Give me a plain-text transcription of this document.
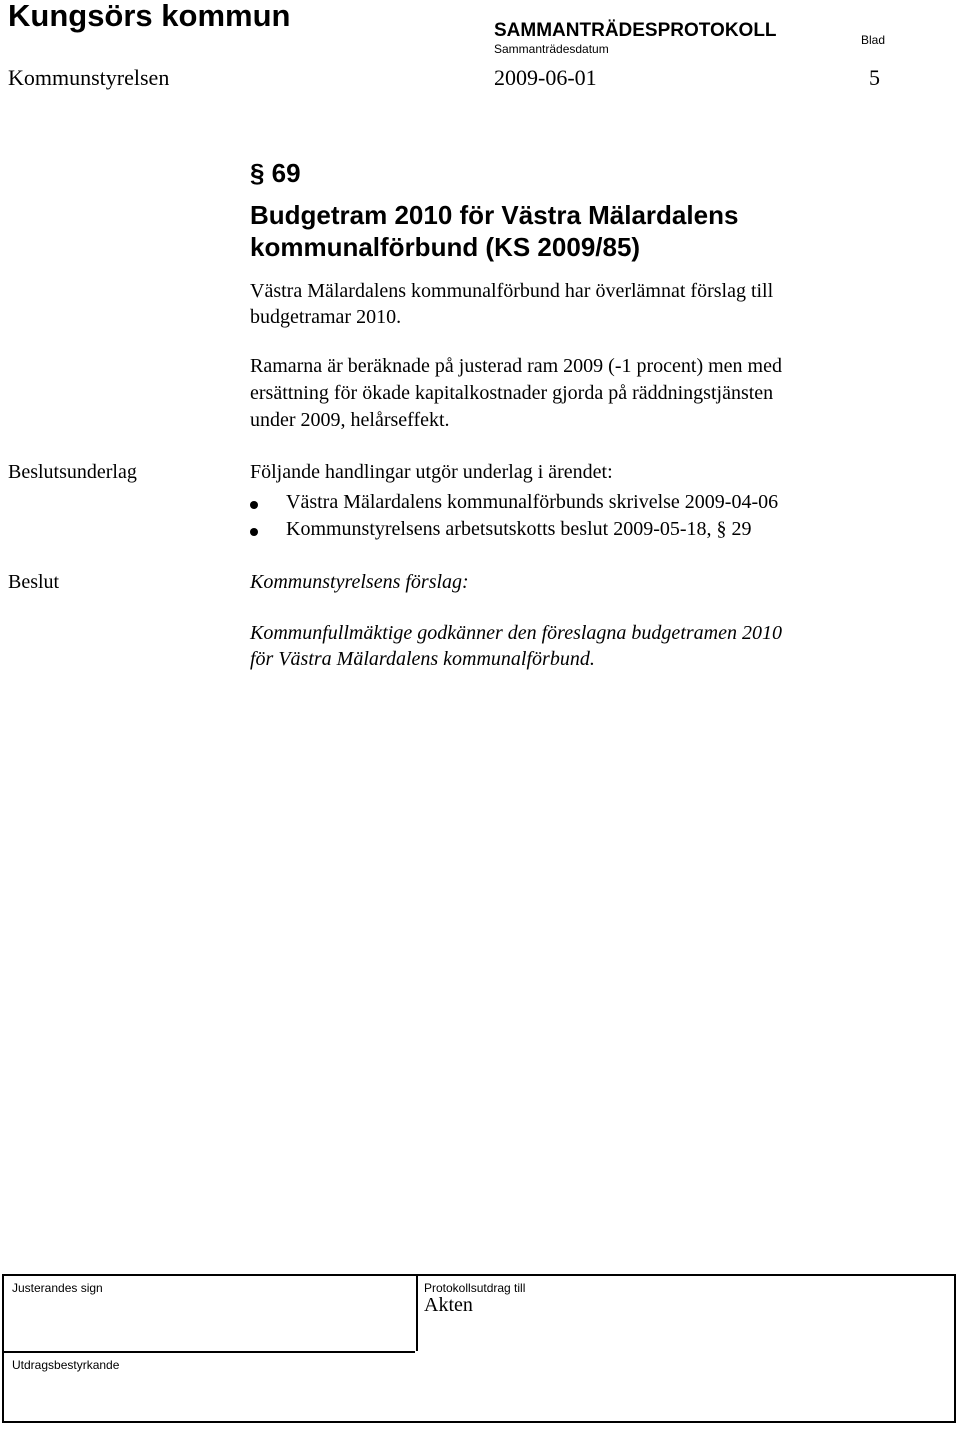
Kungsörs kommun	SAMMANTRÄDESPROTOKOLL
Sammanträdesdatum
Blad
Kommunstyrelsen	2009-06-01	5
§ 69
Budgetram 2010 för Västra Mälardalens
kommunalförbund (KS 2009/85)
Västra Mälardalens kommunalförbund har överlämnat förslag till
budgetramar 2010.
Ramarna är beräknade på justerad ram 2009 (-1 procent) men med
ersättning för ökade kapitalkostnader gjorda på räddningstjänsten
under 2009, helårseffekt.
Beslutsunderlag	Följande handlingar utgör underlag i ärendet:
Västra Mälardalens kommunalförbunds skrivelse 2009-04-06
Kommunstyrelsens arbetsutskotts beslut 2009-05-18, § 29
Beslut	Kommunstyrelsens förslag:
Kommunfullmäktige godkänner den föreslagna budgetramen 2010
för Västra Mälardalens kommunalförbund.
Justerandes sign	Protokollsutdrag till
Akten
Utdragsbestyrkande
